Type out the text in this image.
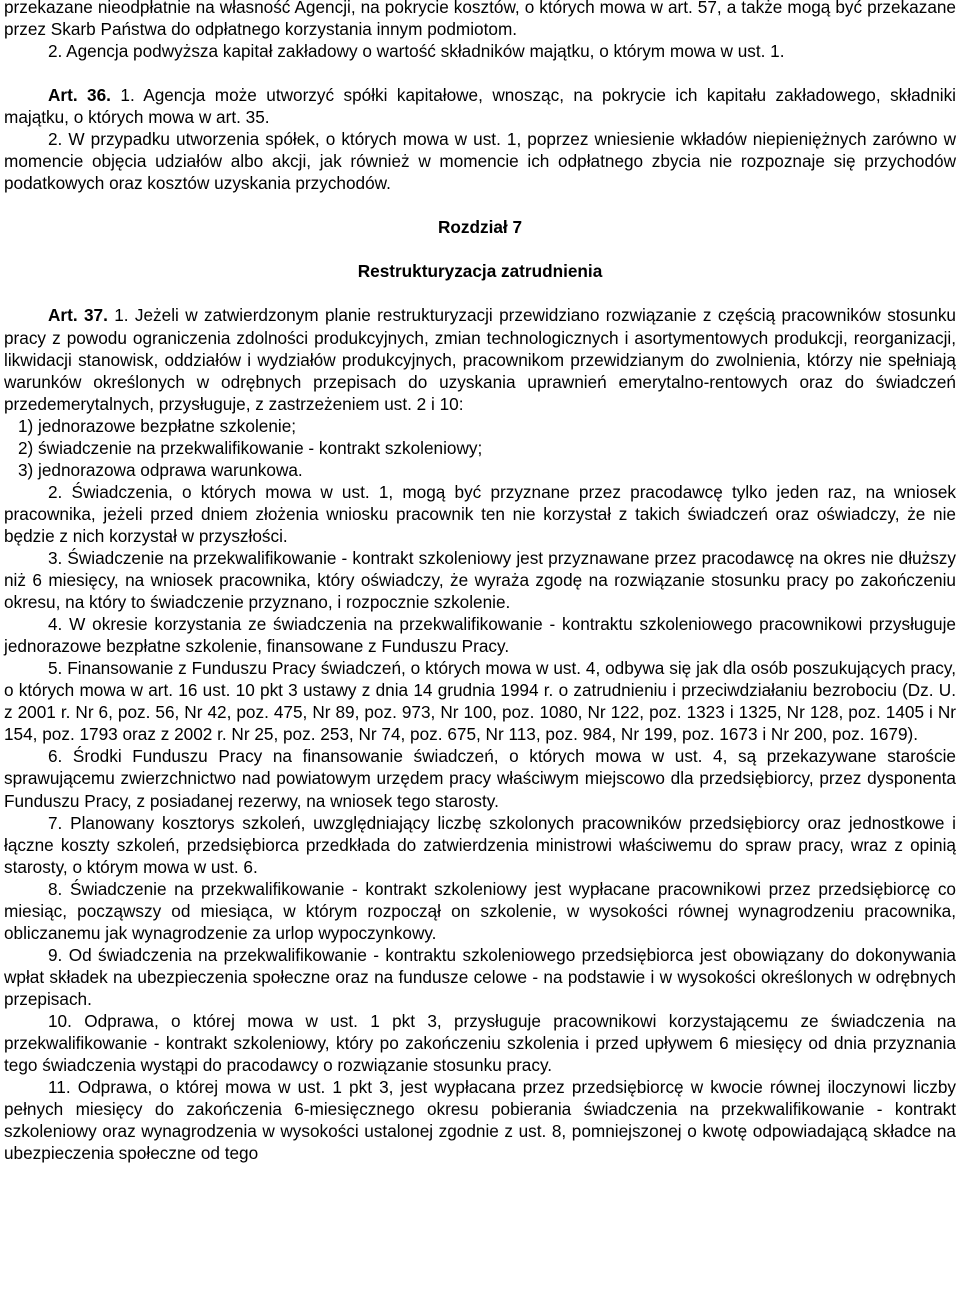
przekazane nieodpłatnie na własność Agencji, na pokrycie kosztów, o których mowa w art. 57, a także mogą być przekazane przez Skarb Państwa do odpłatnego korzystania innym podmiotom.

2. Agencja podwyższa kapitał zakładowy o wartość składników majątku, o którym mowa w ust. 1.

Art. 36. 1. Agencja może utworzyć spółki kapitałowe, wnosząc, na pokrycie ich kapitału zakładowego, składniki majątku, o których mowa w art. 35.

2. W przypadku utworzenia spółek, o których mowa w ust. 1, poprzez wniesienie wkładów niepieniężnych zarówno w momencie objęcia udziałów albo akcji, jak również w momencie ich odpłatnego zbycia nie rozpoznaje się przychodów podatkowych oraz kosztów uzyskania przychodów.

Rozdział 7

Restrukturyzacja zatrudnienia

Art. 37. 1. Jeżeli w zatwierdzonym planie restrukturyzacji przewidziano rozwiązanie z częścią pracowników stosunku pracy z powodu ograniczenia zdolności produkcyjnych, zmian technologicznych i asortymentowych produkcji, reorganizacji, likwidacji stanowisk, oddziałów i wydziałów produkcyjnych, pracownikom przewidzianym do zwolnienia, którzy nie spełniają warunków określonych w odrębnych przepisach do uzyskania uprawnień emerytalno-rentowych oraz do świadczeń przedemerytalnych, przysługuje, z zastrzeżeniem ust. 2 i 10:

1) jednorazowe bezpłatne szkolenie;

2) świadczenie na przekwalifikowanie - kontrakt szkoleniowy;

3) jednorazowa odprawa warunkowa.

2. Świadczenia, o których mowa w ust. 1, mogą być przyznane przez pracodawcę tylko jeden raz, na wniosek pracownika, jeżeli przed dniem złożenia wniosku pracownik ten nie korzystał z takich świadczeń oraz oświadczy, że nie będzie z nich korzystał w przyszłości.

3. Świadczenie na przekwalifikowanie - kontrakt szkoleniowy jest przyznawane przez pracodawcę na okres nie dłuższy niż 6 miesięcy, na wniosek pracownika, który oświadczy, że wyraża zgodę na rozwiązanie stosunku pracy po zakończeniu okresu, na który to świadczenie przyznano, i rozpocznie szkolenie.

4. W okresie korzystania ze świadczenia na przekwalifikowanie - kontraktu szkoleniowego pracownikowi przysługuje jednorazowe bezpłatne szkolenie, finansowane z Funduszu Pracy.

5. Finansowanie z Funduszu Pracy świadczeń, o których mowa w ust. 4, odbywa się jak dla osób poszukujących pracy, o których mowa w art. 16 ust. 10 pkt 3 ustawy z dnia 14 grudnia 1994 r. o zatrudnieniu i przeciwdziałaniu bezrobociu (Dz. U. z 2001 r. Nr 6, poz. 56, Nr 42, poz. 475, Nr 89, poz. 973, Nr 100, poz. 1080, Nr 122, poz. 1323 i 1325, Nr 128, poz. 1405 i Nr 154, poz. 1793 oraz z 2002 r. Nr 25, poz. 253, Nr 74, poz. 675, Nr 113, poz. 984, Nr 199, poz. 1673 i Nr 200, poz. 1679).

6. Środki Funduszu Pracy na finansowanie świadczeń, o których mowa w ust. 4, są przekazywane staroście sprawującemu zwierzchnictwo nad powiatowym urzędem pracy właściwym miejscowo dla przedsiębiorcy, przez dysponenta Funduszu Pracy, z posiadanej rezerwy, na wniosek tego starosty.

7. Planowany kosztorys szkoleń, uwzględniający liczbę szkolonych pracowników przedsiębiorcy oraz jednostkowe i łączne koszty szkoleń, przedsiębiorca przedkłada do zatwierdzenia ministrowi właściwemu do spraw pracy, wraz z opinią starosty, o którym mowa w ust. 6.

8. Świadczenie na przekwalifikowanie - kontrakt szkoleniowy jest wypłacane pracownikowi przez przedsiębiorcę co miesiąc, począwszy od miesiąca, w którym rozpoczął on szkolenie, w wysokości równej wynagrodzeniu pracownika, obliczanemu jak wynagrodzenie za urlop wypoczynkowy.

9. Od świadczenia na przekwalifikowanie - kontraktu szkoleniowego przedsiębiorca jest obowiązany do dokonywania wpłat składek na ubezpieczenia społeczne oraz na fundusze celowe - na podstawie i w wysokości określonych w odrębnych przepisach.

10. Odprawa, o której mowa w ust. 1 pkt 3, przysługuje pracownikowi korzystającemu ze świadczenia na przekwalifikowanie - kontrakt szkoleniowy, który po zakończeniu szkolenia i przed upływem 6 miesięcy od dnia przyznania tego świadczenia wystąpi do pracodawcy o rozwiązanie stosunku pracy.

11. Odprawa, o której mowa w ust. 1 pkt 3, jest wypłacana przez przedsiębiorcę w kwocie równej iloczynowi liczby pełnych miesięcy do zakończenia 6-miesięcznego okresu pobierania świadczenia na przekwalifikowanie - kontrakt szkoleniowy oraz wynagrodzenia w wysokości ustalonej zgodnie z ust. 8, pomniejszonej o kwotę odpowiadającą składce na ubezpieczenia społeczne od tego
